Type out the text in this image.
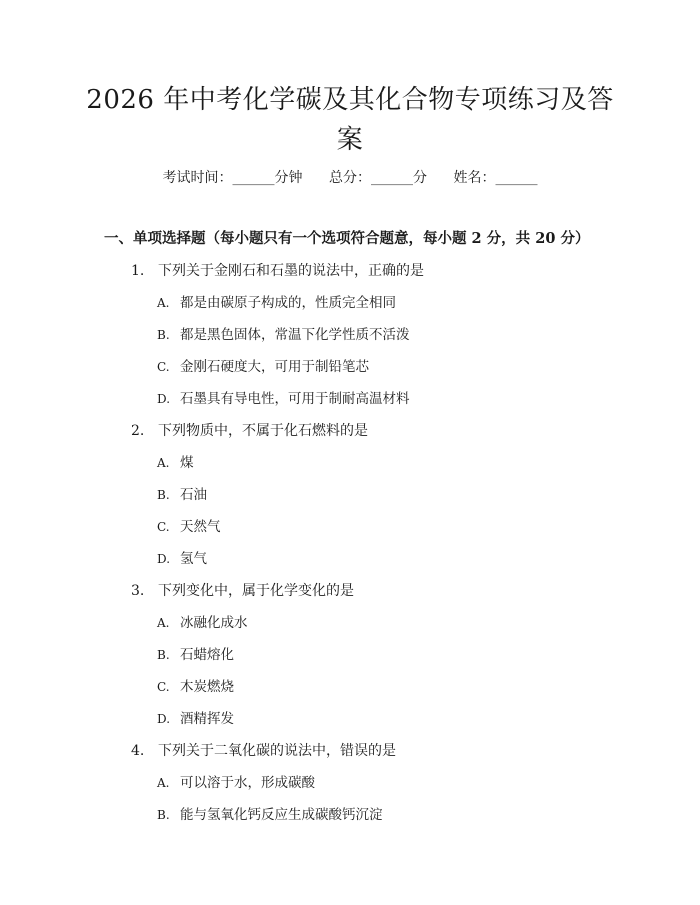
2026 年中考化学碳及其化合物专项练习及答
案
考试时间：______分钟 总分：______分 姓名：______
一、单项选择题（每小题只有一个选项符合题意，每小题 2 分，共 20 分）
1. 下列关于金刚石和石墨的说法中，正确的是
A. 都是由碳原子构成的，性质完全相同
B. 都是黑色固体，常温下化学性质不活泼
C. 金刚石硬度大，可用于制铅笔芯
D. 石墨具有导电性，可用于制耐高温材料
2. 下列物质中，不属于化石燃料的是
A. 煤
B. 石油
C. 天然气
D. 氢气
3. 下列变化中，属于化学变化的是
A. 冰融化成水
B. 石蜡熔化
C. 木炭燃烧
D. 酒精挥发
4. 下列关于二氧化碳的说法中，错误的是
A. 可以溶于水，形成碳酸
B. 能与氢氧化钙反应生成碳酸钙沉淀
